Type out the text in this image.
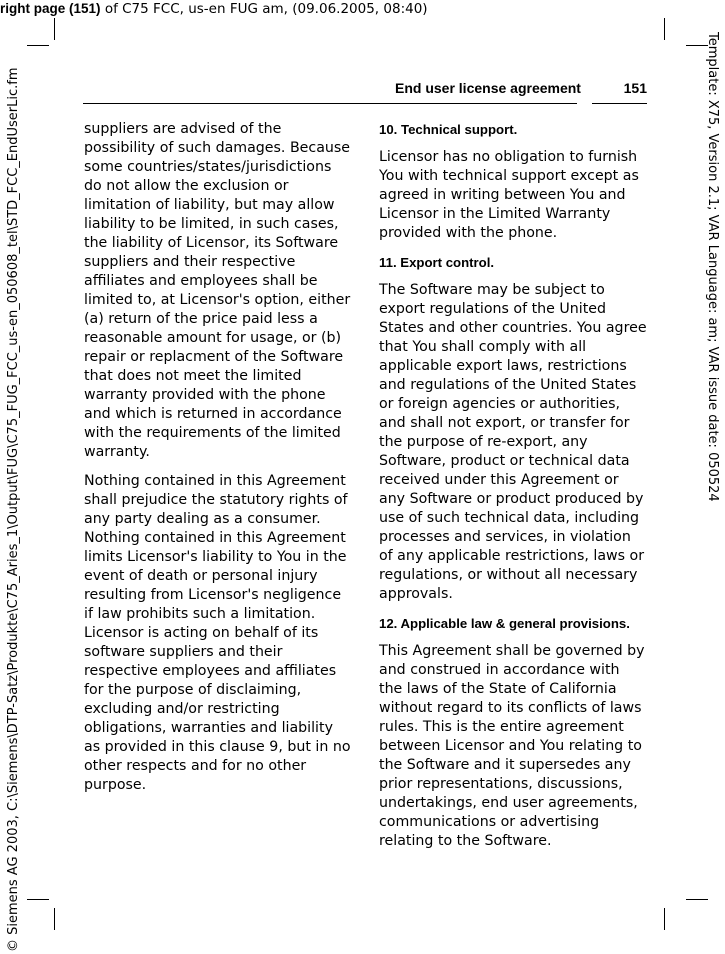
right page (151) of C75 FCC, us-en FUG am, (09.06.2005, 08:40)
End user license agreement	151

suppliers are advised of the possibility of such damages. Because some countries/states/jurisdictions do not allow the exclusion or limitation of liability, but may allow liability to be limited, in such cases, the liability of Licensor, its Software suppliers and their respective affiliates and employees shall be limited to, at Licensor's option, either (a) return of the price paid less a reasonable amount for usage, or (b) repair or replacment of the Software that does not meet the limited warranty provided with the phone and which is returned in accordance with the requirements of the limited warranty.

Nothing contained in this Agreement shall prejudice the statutory rights of any party dealing as a consumer. Nothing contained in this Agreement limits Licensor's liability to You in the event of death or personal injury resulting from Licensor's negligence if law prohibits such a limitation. Licensor is acting on behalf of its software suppliers and their respective employees and affiliates for the purpose of disclaiming, excluding and/or restricting obligations, warranties and liability as provided in this clause 9, but in no other respects and for no other purpose.

10. Technical support.

Licensor has no obligation to furnish You with technical support except as agreed in writing between You and Licensor in the Limited Warranty provided with the phone.

11. Export control.

The Software may be subject to export regulations of the United States and other countries. You agree that You shall comply with all applicable export laws, restrictions and regulations of the United States or foreign agencies or authorities, and shall not export, or transfer for the purpose of re-export, any Software, product or technical data received under this Agreement or any Software or product produced by use of such technical data, including processes and services, in violation of any applicable restrictions, laws or regulations, or without all necessary approvals.

12. Applicable law & general provisions.

This Agreement shall be governed by and construed in accordance with the laws of the State of California without regard to its conflicts of laws rules. This is the entire agreement between Licensor and You relating to the Software and it supersedes any prior representations, discussions, undertakings, end user agreements, communications or advertising relating to the Software.

© Siemens AG 2003, C:\Siemens\DTP-Satz\Produkte\C75_Aries_1\Output\FUG\C75_FUG_FCC_us-en_050608_tel\STD_FCC_EndUserLic.fm	Template: X75, Version 2.1; VAR Language: am; VAR issue date: 050524
